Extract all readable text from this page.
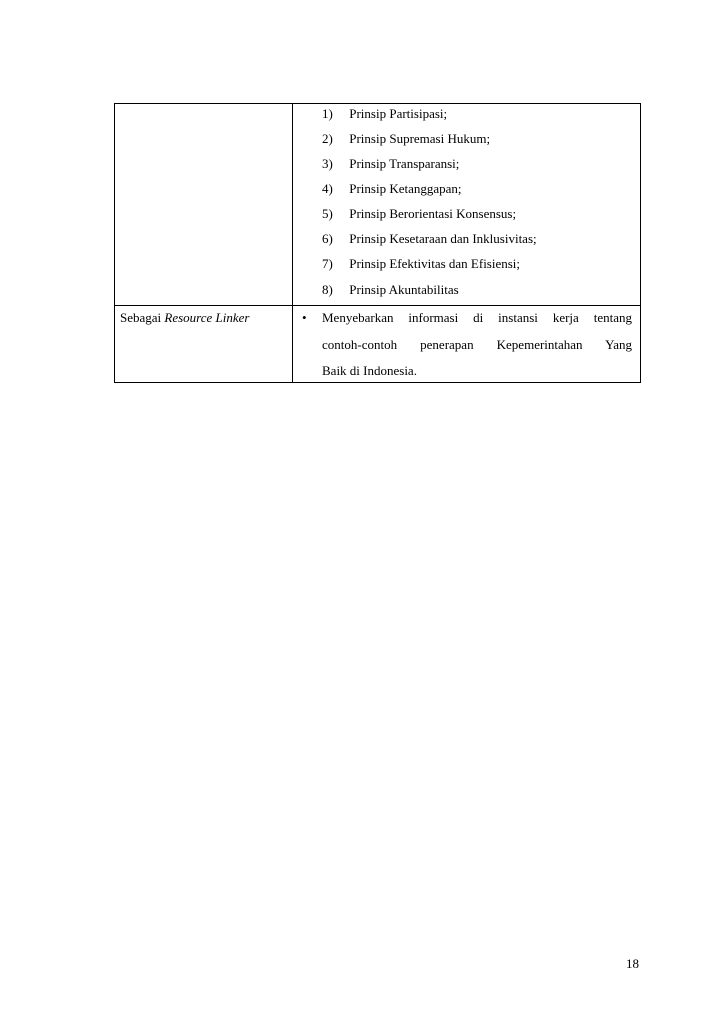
1) Prinsip Partisipasi;
2) Prinsip Supremasi Hukum;
3) Prinsip Transparansi;
4) Prinsip Ketanggapan;
5) Prinsip Berorientasi Konsensus;
6) Prinsip Kesetaraan dan Inklusivitas;
7) Prinsip Efektivitas dan Efisiensi;
8) Prinsip Akuntabilitas
Sebagai Resource Linker	• Menyebarkan informasi di instansi kerja tentang
contoh-contoh penerapan Kepemerintahan Yang
Baik di Indonesia.
18
